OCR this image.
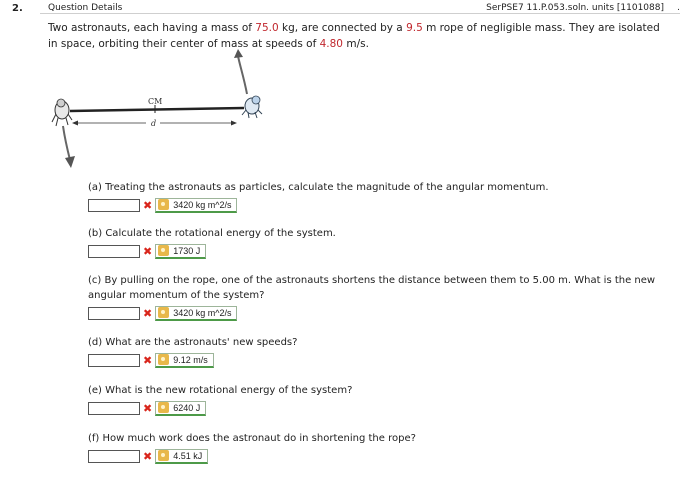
2.	Question Details	SerPSE7 11.P.053.soln. units [1101088] .
Two astronauts, each having a mass of 75.0 kg, are connected by a 9.5 m rope of negligible mass. They are isolated in space, orbiting their center of mass at speeds of 4.80 m/s.
CM
d
(a) Treating the astronauts as particles, calculate the magnitude of the angular momentum.
✖ 3420 kg m^2/s
(b) Calculate the rotational energy of the system.
✖ 1730 J
(c) By pulling on the rope, one of the astronauts shortens the distance between them to 5.00 m. What is the new angular momentum of the system?
✖ 3420 kg m^2/s
(d) What are the astronauts' new speeds?
✖ 9.12 m/s
(e) What is the new rotational energy of the system?
✖ 6240 J
(f) How much work does the astronaut do in shortening the rope?
✖ 4.51 kJ
